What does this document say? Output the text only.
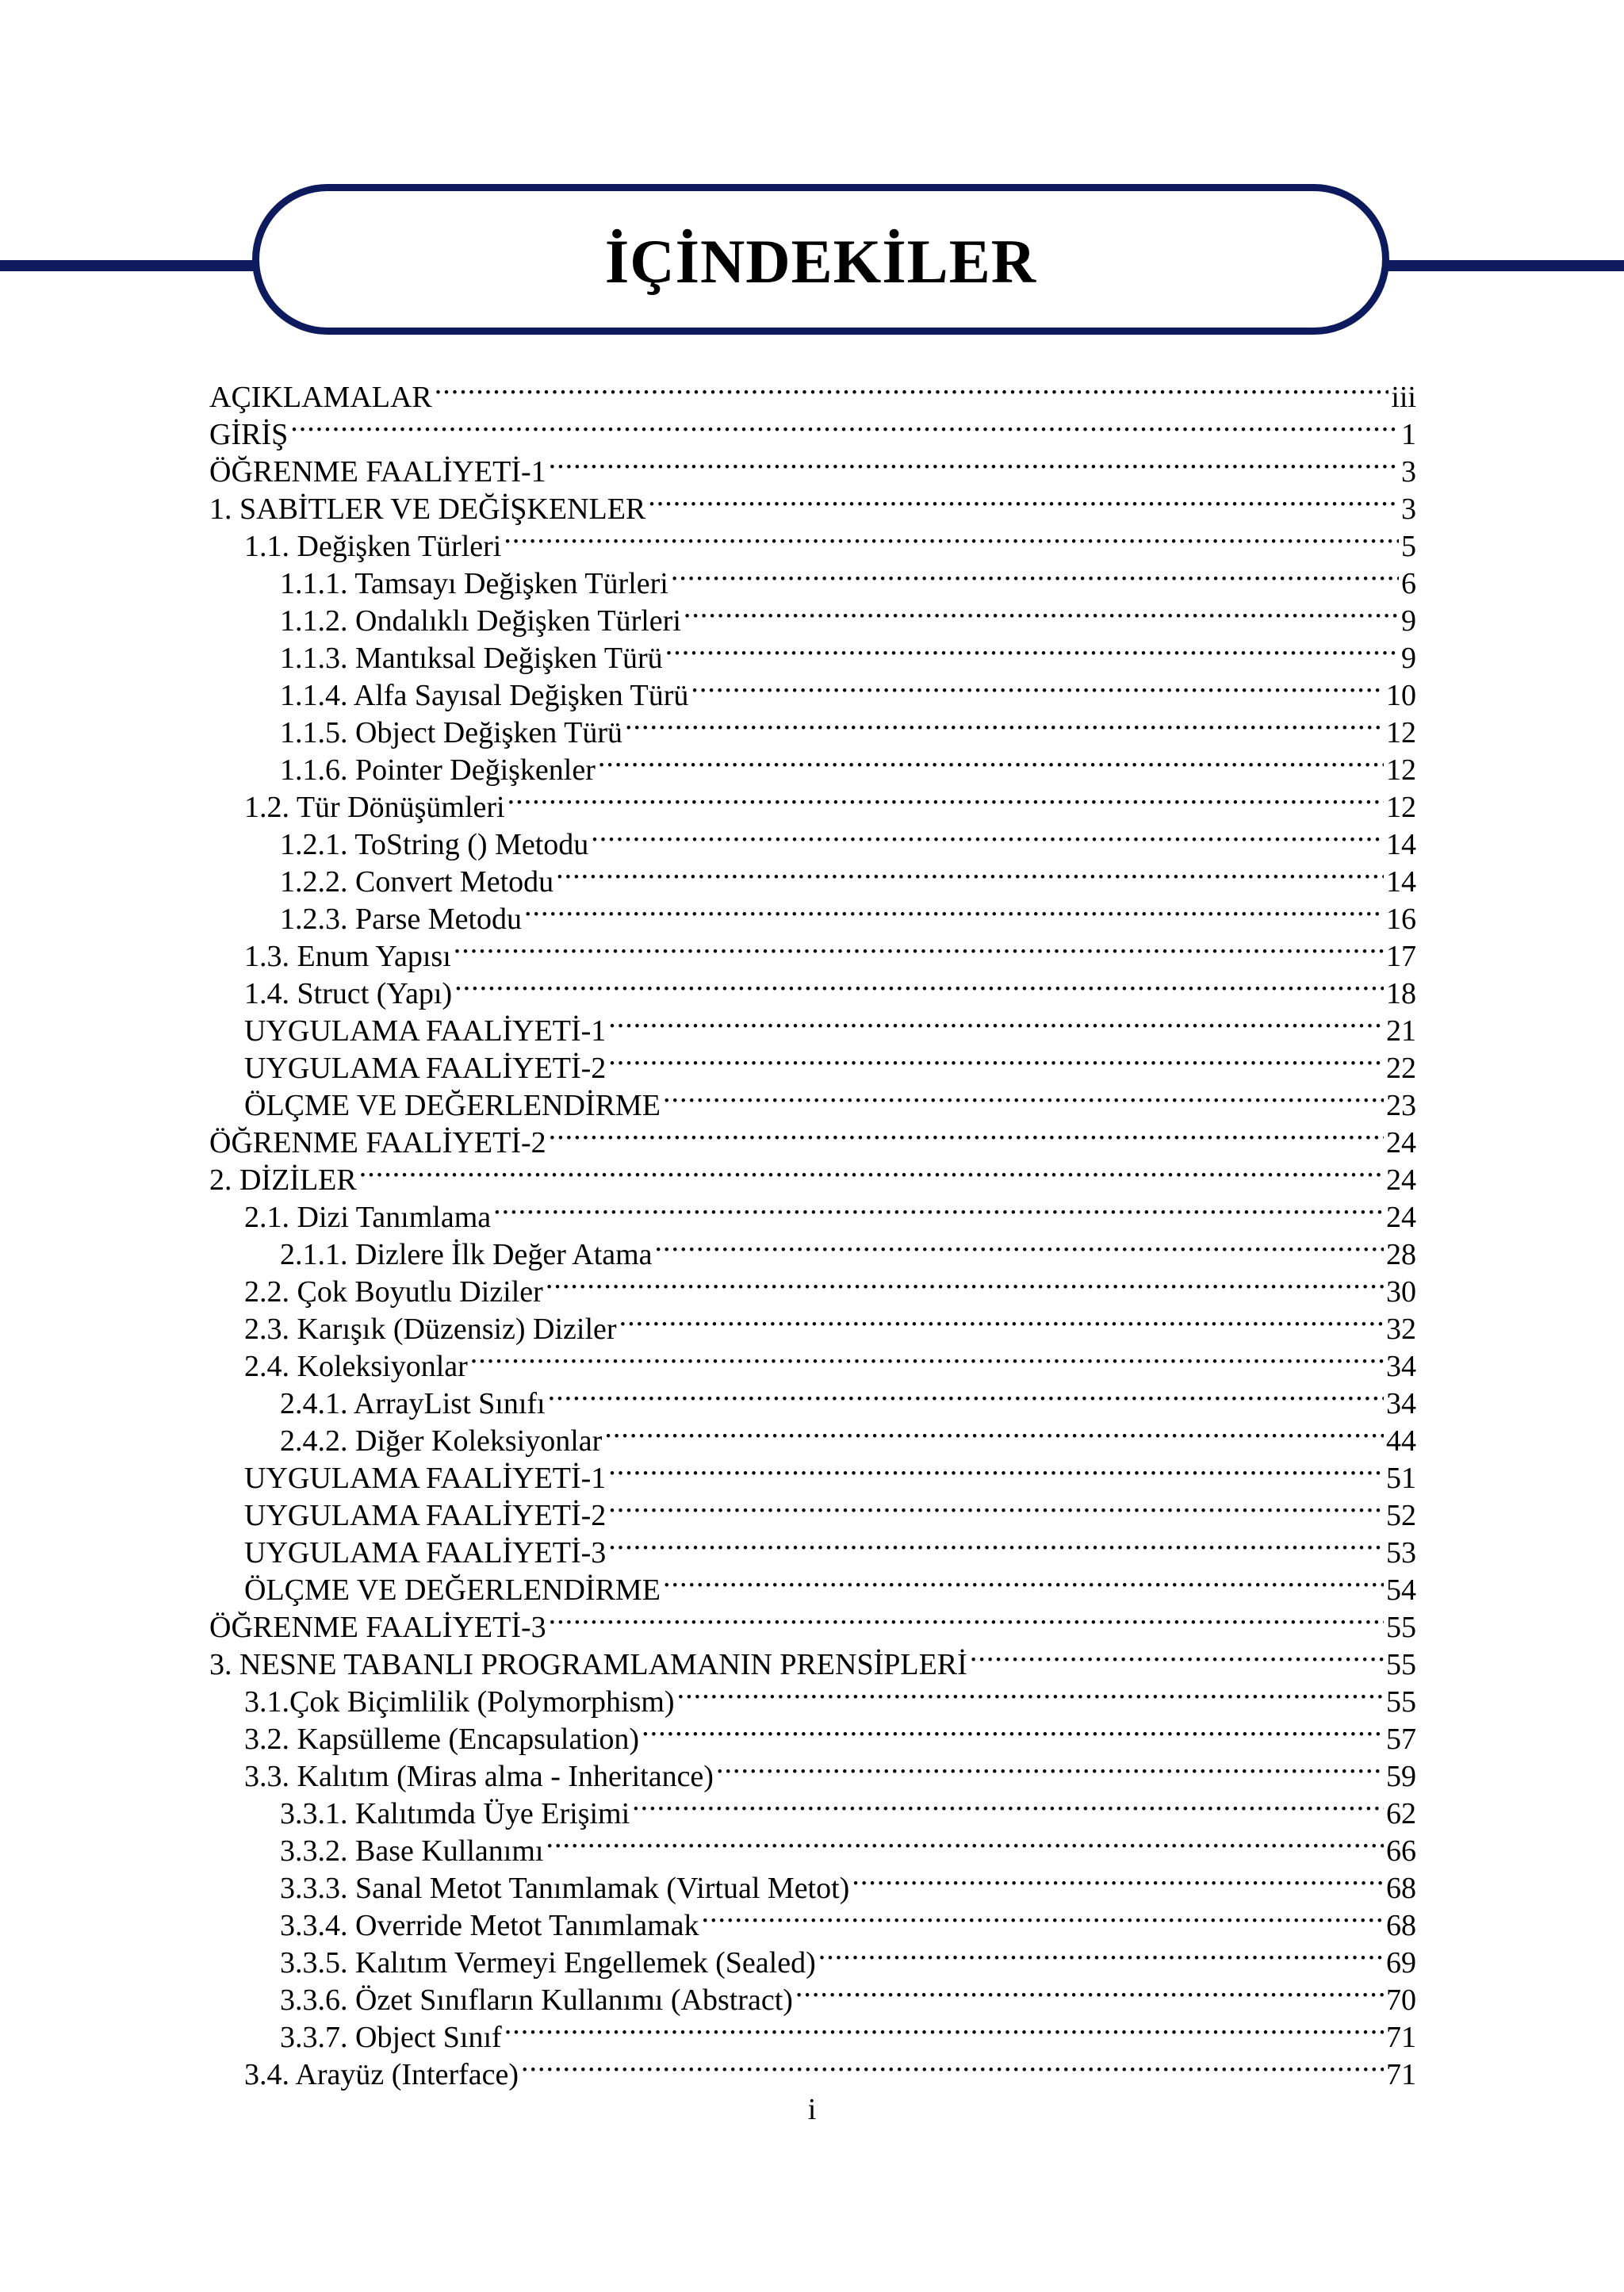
İÇİNDEKİLER
AÇIKLAMALAR .....	iii
GİRİŞ .....	1
ÖĞRENME FAALİYETİ-1 .....	3
1. SABİTLER VE DEĞİŞKENLER .....	3
1.1. Değişken Türleri .....	5
1.1.1. Tamsayı Değişken Türleri .....	6
1.1.2. Ondalıklı Değişken Türleri .....	9
1.1.3. Mantıksal Değişken Türü .....	9
1.1.4. Alfa Sayısal Değişken Türü .....	10
1.1.5. Object Değişken Türü .....	12
1.1.6. Pointer Değişkenler .....	12
1.2. Tür Dönüşümleri .....	12
1.2.1. ToString () Metodu .....	14
1.2.2. Convert Metodu .....	14
1.2.3. Parse Metodu .....	16
1.3. Enum Yapısı .....	17
1.4. Struct (Yapı) .....	18
UYGULAMA FAALİYETİ-1 .....	21
UYGULAMA FAALİYETİ-2 .....	22
ÖLÇME VE DEĞERLENDİRME .....	23
ÖĞRENME FAALİYETİ-2 .....	24
2. DİZİLER .....	24
2.1. Dizi Tanımlama .....	24
2.1.1. Dizlere İlk Değer Atama .....	28
2.2. Çok Boyutlu Diziler .....	30
2.3. Karışık (Düzensiz) Diziler .....	32
2.4. Koleksiyonlar .....	34
2.4.1. ArrayList Sınıfı .....	34
2.4.2. Diğer Koleksiyonlar .....	44
UYGULAMA FAALİYETİ-1 .....	51
UYGULAMA FAALİYETİ-2 .....	52
UYGULAMA FAALİYETİ-3 .....	53
ÖLÇME VE DEĞERLENDİRME .....	54
ÖĞRENME FAALİYETİ-3 .....	55
3. NESNE TABANLI PROGRAMLAMANIN PRENSİPLERİ .....	55
3.1.Çok Biçimlilik (Polymorphism) .....	55
3.2. Kapsülleme (Encapsulation) .....	57
3.3. Kalıtım (Miras alma - Inheritance) .....	59
3.3.1. Kalıtımda Üye Erişimi .....	62
3.3.2. Base Kullanımı .....	66
3.3.3. Sanal Metot Tanımlamak (Virtual Metot) .....	68
3.3.4. Override Metot Tanımlamak .....	68
3.3.5. Kalıtım Vermeyi Engellemek (Sealed) .....	69
3.3.6. Özet Sınıfların Kullanımı (Abstract) .....	70
3.3.7. Object Sınıf .....	71
3.4. Arayüz (Interface) .....	71
i
